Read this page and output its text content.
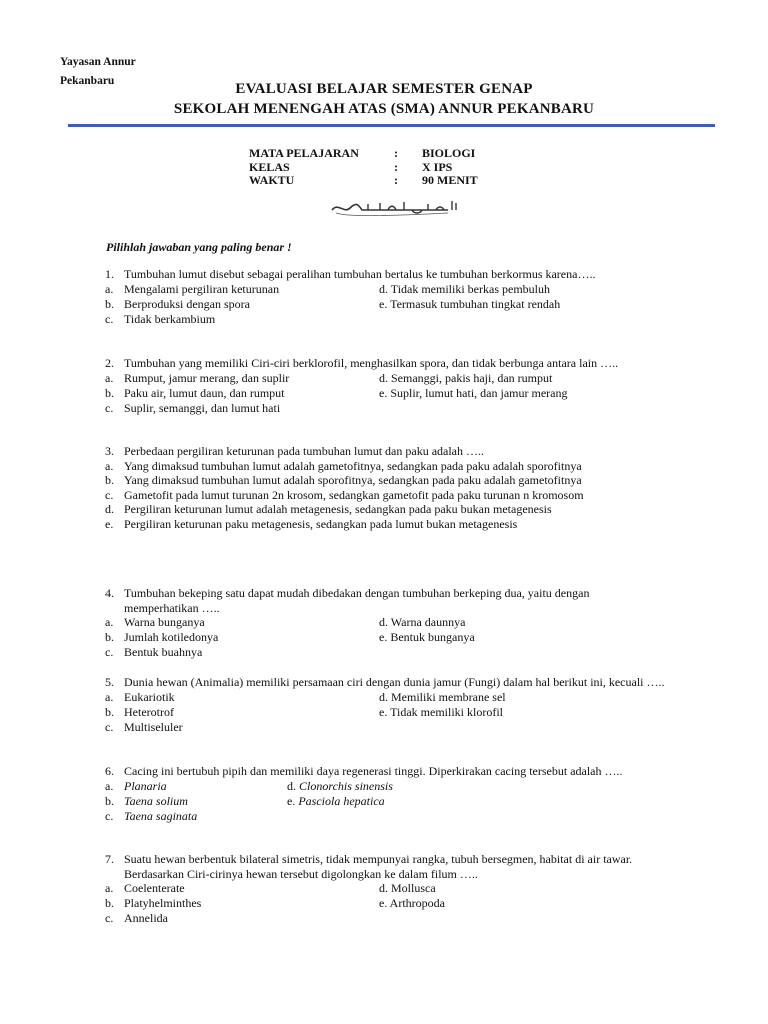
Yayasan Annur
Pekanbaru	EVALUASI BELAJAR SEMESTER GENAP
SEKOLAH MENENGAH ATAS (SMA) ANNUR PEKANBARU
MATA PELAJARAN	: BIOLOGI
KELAS	: X IPS
WAKTU	: 90 MENIT
Pilihlah jawaban yang paling benar !
1. Tumbuhan lumut disebut sebagai peralihan tumbuhan bertalus ke tumbuhan berkormus karena…..
a. Mengalami pergiliran keturunan	d. Tidak memiliki berkas pembuluh
b. Berproduksi dengan spora	e. Termasuk tumbuhan tingkat rendah
c. Tidak berkambium
2. Tumbuhan yang memiliki Ciri-ciri berklorofil, menghasilkan spora, dan tidak berbunga antara lain …..
a. Rumput, jamur merang, dan suplir	d. Semanggi, pakis haji, dan rumput
b. Paku air, lumut daun, dan rumput	e. Suplir, lumut hati, dan jamur merang
c. Suplir, semanggi, dan lumut hati
3. Perbedaan pergiliran keturunan pada tumbuhan lumut dan paku adalah …..
a. Yang dimaksud tumbuhan lumut adalah gametofitnya, sedangkan pada paku adalah sporofitnya
b. Yang dimaksud tumbuhan lumut adalah sporofitnya, sedangkan pada paku adalah gametofitnya
c. Gametofit pada lumut turunan 2n krosom, sedangkan gametofit pada paku turunan n kromosom
d. Pergiliran keturunan lumut adalah metagenesis, sedangkan pada paku bukan metagenesis
e. Pergiliran keturunan paku metagenesis, sedangkan pada lumut bukan metagenesis
4. Tumbuhan bekeping satu dapat mudah dibedakan dengan tumbuhan berkeping dua, yaitu dengan memperhatikan …..
a. Warna bunganya	d. Warna daunnya
b. Jumlah kotiledonya	e. Bentuk bunganya
c. Bentuk buahnya
5. Dunia hewan (Animalia) memiliki persamaan ciri dengan dunia jamur (Fungi) dalam hal berikut ini, kecuali …..
a. Eukariotik	d. Memiliki membrane sel
b. Heterotrof	e. Tidak memiliki klorofil
c. Multiseluler
6. Cacing ini bertubuh pipih dan memiliki daya regenerasi tinggi. Diperkirakan cacing tersebut adalah …..
a. Planaria	d. Clonorchis sinensis
b. Taena solium	e. Pasciola hepatica
c. Taena saginata
7. Suatu hewan berbentuk bilateral simetris, tidak mempunyai rangka, tubuh bersegmen, habitat di air tawar. Berdasarkan Ciri-cirinya hewan tersebut digolongkan ke dalam filum …..
a. Coelenterate	d. Mollusca
b. Platyhelminthes	e. Arthropoda
c. Annelida
